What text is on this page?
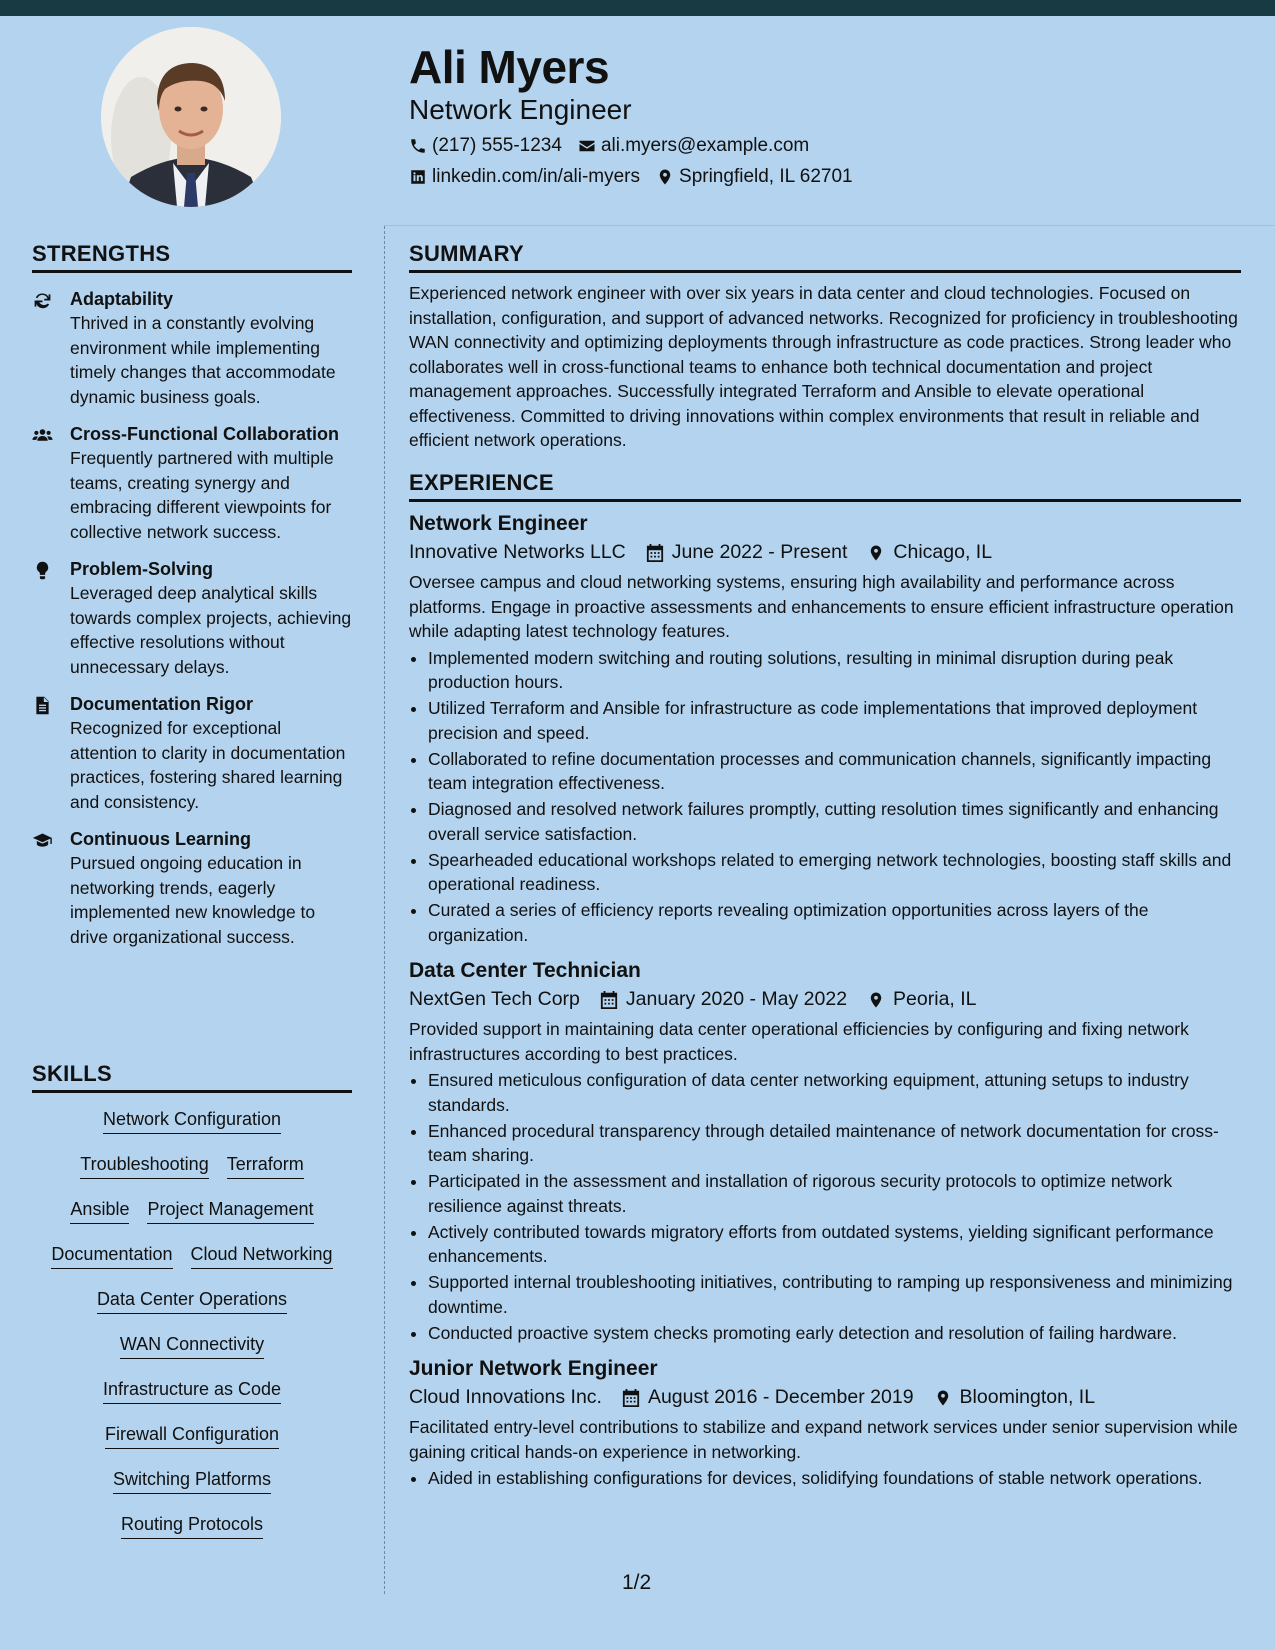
Ali Myers
Network Engineer
(217) 555-1234 ali.myers@example.com
linkedin.com/in/ali-myers Springfield, IL 62701
STRENGTHS
Adaptability
Thrived in a constantly evolving environment while implementing timely changes that accommodate dynamic business goals.
Cross-Functional Collaboration
Frequently partnered with multiple teams, creating synergy and embracing different viewpoints for collective network success.
Problem-Solving
Leveraged deep analytical skills towards complex projects, achieving effective resolutions without unnecessary delays.
Documentation Rigor
Recognized for exceptional attention to clarity in documentation practices, fostering shared learning and consistency.
Continuous Learning
Pursued ongoing education in networking trends, eagerly implemented new knowledge to drive organizational success.
SKILLS
Network Configuration
Troubleshooting Terraform
Ansible Project Management
Documentation Cloud Networking
Data Center Operations
WAN Connectivity
Infrastructure as Code
Firewall Configuration
Switching Platforms
Routing Protocols
SUMMARY
Experienced network engineer with over six years in data center and cloud technologies. Focused on installation, configuration, and support of advanced networks. Recognized for proficiency in troubleshooting WAN connectivity and optimizing deployments through infrastructure as code practices. Strong leader who collaborates well in cross-functional teams to enhance both technical documentation and project management approaches. Successfully integrated Terraform and Ansible to elevate operational effectiveness. Committed to driving innovations within complex environments that result in reliable and efficient network operations.
EXPERIENCE
Network Engineer
Innovative Networks LLC June 2022 - Present Chicago, IL
Oversee campus and cloud networking systems, ensuring high availability and performance across platforms. Engage in proactive assessments and enhancements to ensure efficient infrastructure operation while adapting latest technology features.
• Implemented modern switching and routing solutions, resulting in minimal disruption during peak production hours.
• Utilized Terraform and Ansible for infrastructure as code implementations that improved deployment precision and speed.
• Collaborated to refine documentation processes and communication channels, significantly impacting team integration effectiveness.
• Diagnosed and resolved network failures promptly, cutting resolution times significantly and enhancing overall service satisfaction.
• Spearheaded educational workshops related to emerging network technologies, boosting staff skills and operational readiness.
• Curated a series of efficiency reports revealing optimization opportunities across layers of the organization.
Data Center Technician
NextGen Tech Corp January 2020 - May 2022 Peoria, IL
Provided support in maintaining data center operational efficiencies by configuring and fixing network infrastructures according to best practices.
• Ensured meticulous configuration of data center networking equipment, attuning setups to industry standards.
• Enhanced procedural transparency through detailed maintenance of network documentation for cross-team sharing.
• Participated in the assessment and installation of rigorous security protocols to optimize network resilience against threats.
• Actively contributed towards migratory efforts from outdated systems, yielding significant performance enhancements.
• Supported internal troubleshooting initiatives, contributing to ramping up responsiveness and minimizing downtime.
• Conducted proactive system checks promoting early detection and resolution of failing hardware.
Junior Network Engineer
Cloud Innovations Inc. August 2016 - December 2019 Bloomington, IL
Facilitated entry-level contributions to stabilize and expand network services under senior supervision while gaining critical hands-on experience in networking.
• Aided in establishing configurations for devices, solidifying foundations of stable network operations.
1/2
